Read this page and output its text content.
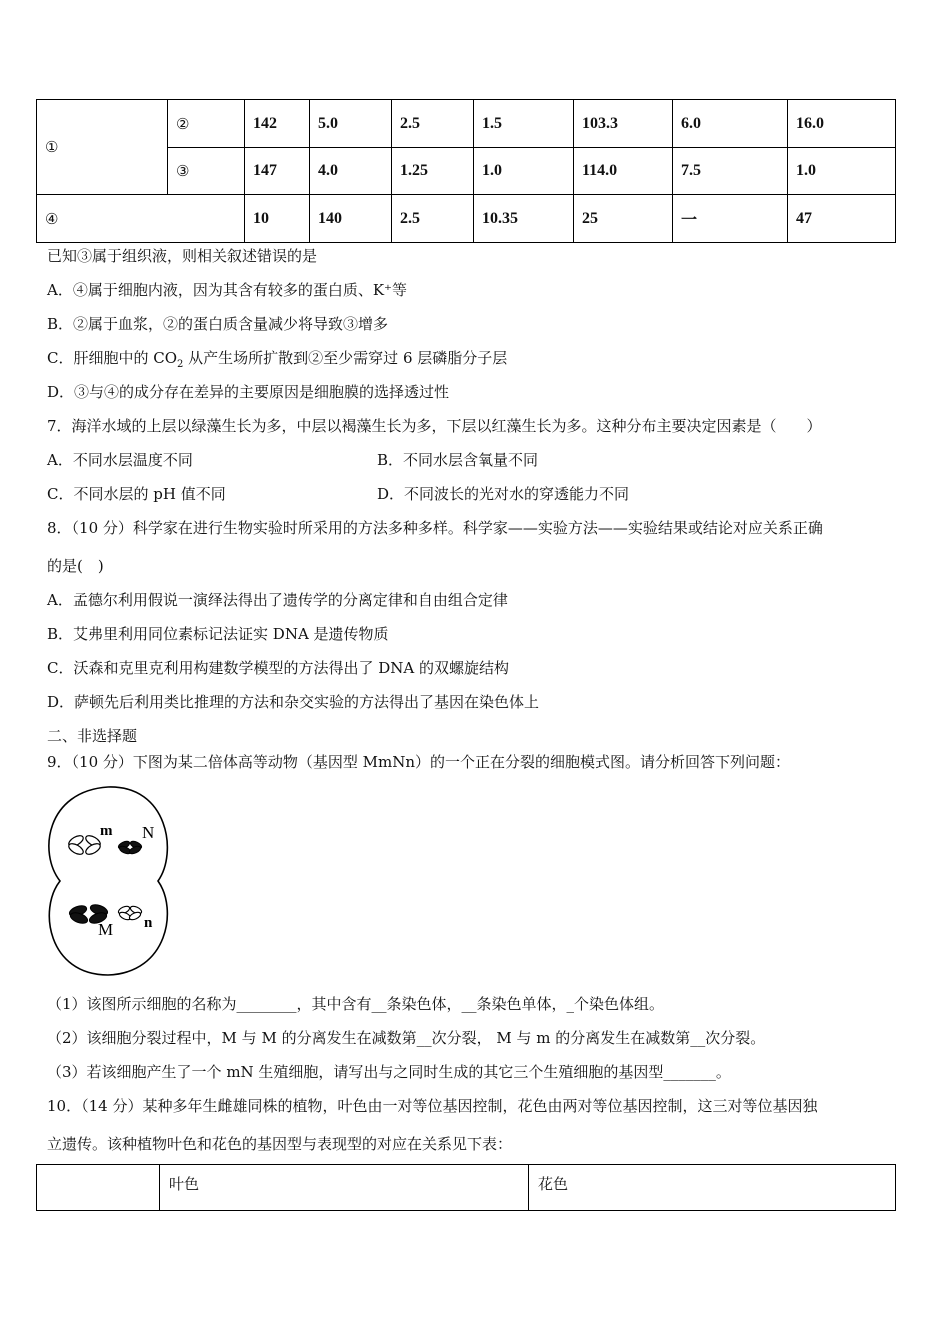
①	②	142	5.0	2.5	1.5	103.3	6.0	16.0
	③	147	4.0	1.25	1.0	114.0	7.5	1.0
④		10	140	2.5	10.35	25	一	47
已知③属于组织液，则相关叙述错误的是
A．④属于细胞内液，因为其含有较多的蛋白质、K⁺等
B．②属于血浆，②的蛋白质含量减少将导致③增多
C．肝细胞中的 $CO_2$ 从产生场所扩散到②至少需穿过 6 层磷脂分子层
D．③与④的成分存在差异的主要原因是细胞膜的选择透过性
7．海洋水域的上层以绿藻生长为多，中层以褐藻生长为多，下层以红藻生长为多。这种分布主要决定因素是（　　）
A．不同水层温度不同	B．不同水层含氧量不同
C．不同水层的 pH 值不同	D．不同波长的光对水的穿透能力不同
8．（10 分）科学家在进行生物实验时所采用的方法多种多样。科学家——实验方法——实验结果或结论对应关系正确
的是(　)
A．孟德尔利用假说一演绎法得出了遗传学的分离定律和自由组合定律
B．艾弗里利用同位素标记法证实 DNA 是遗传物质
C．沃森和克里克利用构建数学模型的方法得出了 DNA 的双螺旋结构
D．萨顿先后利用类比推理的方法和杂交实验的方法得出了基因在染色体上
二、非选择题
9．（10 分）下图为某二倍体高等动物（基因型 MmNn）的一个正在分裂的细胞模式图。请分析回答下列问题：
m N
M n
（1）该图所示细胞的名称为________，其中含有__条染色体，__条染色单体，_个染色体组。
（2）该细胞分裂过程中，M 与 M 的分离发生在减数第__次分裂， M 与 m 的分离发生在减数第__次分裂。
（3）若该细胞产生了一个 mN 生殖细胞，请写出与之同时生成的其它三个生殖细胞的基因型_______。
10．（14 分）某种多年生雌雄同株的植物，叶色由一对等位基因控制，花色由两对等位基因控制，这三对等位基因独
立遗传。该种植物叶色和花色的基因型与表现型的对应在关系见下表：
	叶色	花色
